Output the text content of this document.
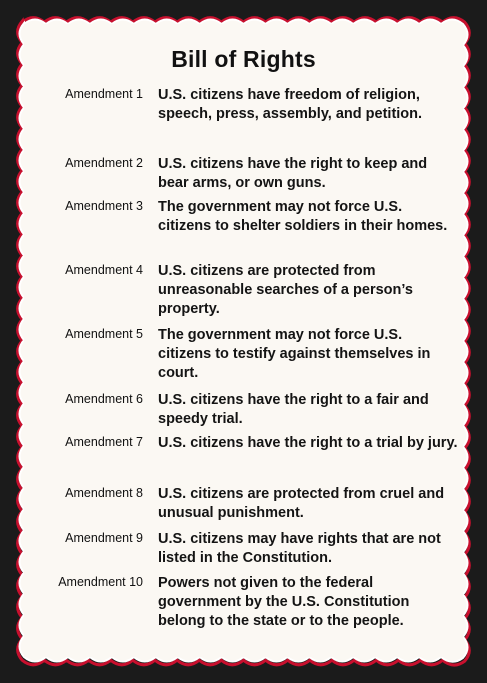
Bill of Rights
Amendment 1 U.S. citizens have freedom of religion, speech, press, assembly, and petition.
Amendment 2 U.S. citizens have the right to keep and bear arms, or own guns.
Amendment 3 The government may not force U.S. citizens to shelter soldiers in their homes.
Amendment 4 U.S. citizens are protected from unreasonable searches of a person’s property.
Amendment 5 The government may not force U.S. citizens to testify against themselves in court.
Amendment 6 U.S. citizens have the right to a fair and speedy trial.
Amendment 7 U.S. citizens have the right to a trial by jury.
Amendment 8 U.S. citizens are protected from cruel and unusual punishment.
Amendment 9 U.S. citizens may have rights that are not listed in the Constitution.
Amendment 10 Powers not given to the federal government by the U.S. Constitution belong to the state or to the people.
